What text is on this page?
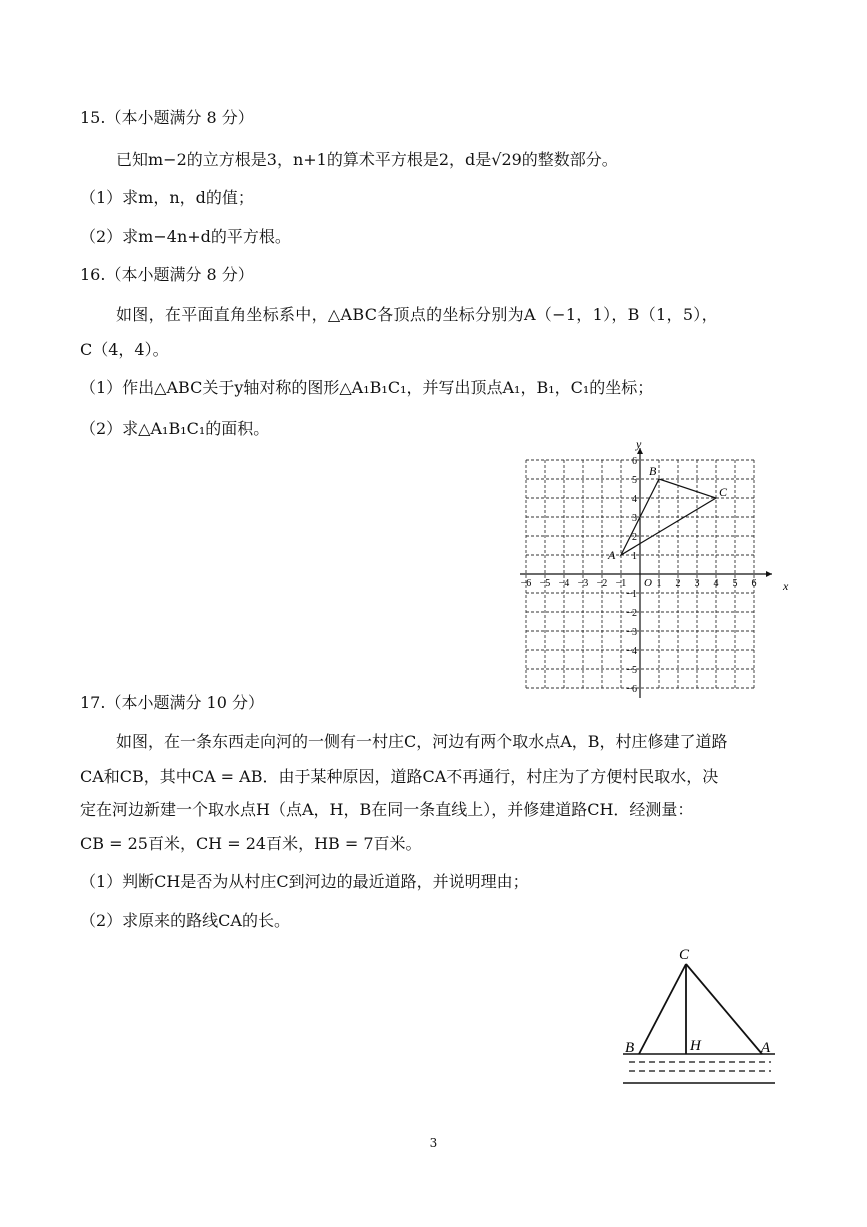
15.（本小题满分 8 分）
已知m−2的立方根是3，n+1的算术平方根是2，d是√29的整数部分。
（1）求m，n，d的值；
（2）求m−4n+d的平方根。
16.（本小题满分 8 分）
如图，在平面直角坐标系中，△ABC各顶点的坐标分别为A（−1，1），B（1，5），
C（4，4）。
（1）作出△ABC关于y轴对称的图形△A₁B₁C₁，并写出顶点A₁，B₁，C₁的坐标；
（2）求△A₁B₁C₁的面积。
−6 −5 −4 −3 −2 −1	1 2 3 4 5 6
6
5
4
3
2
1
−1
−2
−3
−4
−5
−6
y
x
O
A
B
C
17.（本小题满分 10 分）
如图，在一条东西走向河的一侧有一村庄C，河边有两个取水点A，B，村庄修建了道路
CA和CB，其中CA = AB．由于某种原因，道路CA不再通行，村庄为了方便村民取水，决
定在河边新建一个取水点H（点A，H，B在同一条直线上），并修建道路CH．经测量：
CB = 25百米，CH = 24百米，HB = 7百米。
（1）判断CH是否为从村庄C到河边的最近道路，并说明理由；
（2）求原来的路线CA的长。
C
B	H	A
3
